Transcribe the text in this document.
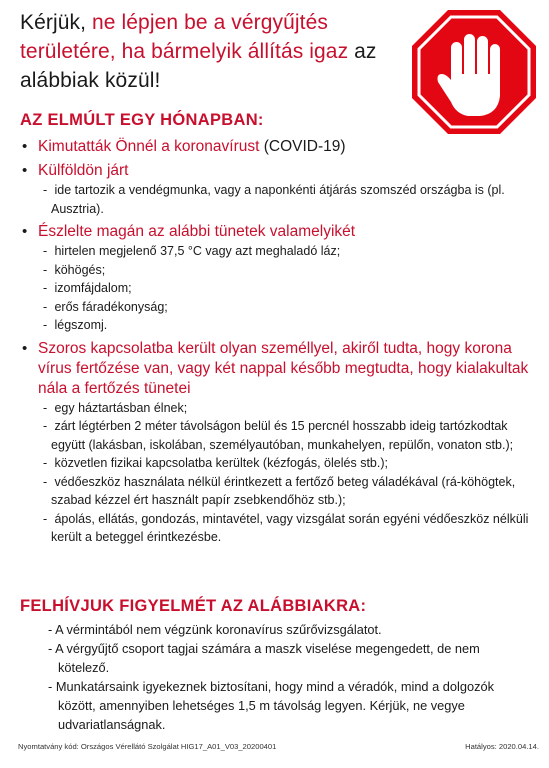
Kérjük, ne lépjen be a vérgyűjtés területére, ha bármelyik állítás igaz az alábbiak közül!
AZ ELMÚLT EGY HÓNAPBAN:
• Kimutatták Önnél a koronavírust (COVID-19)
• Külföldön járt
- ide tartozik a vendégmunka, vagy a naponkénti átjárás szomszéd országba is (pl. Ausztria).
• Észlelte magán az alábbi tünetek valamelyikét
- hirtelen megjelenő 37,5 °C vagy azt meghaladó láz;
- köhögés;
- izomfájdalom;
- erős fáradékonyság;
- légszomj.
• Szoros kapcsolatba került olyan személlyel, akiről tudta, hogy korona vírus fertőzése van, vagy két nappal később megtudta, hogy kialakultak nála a fertőzés tünetei
- egy háztartásban élnek;
- zárt légtérben 2 méter távolságon belül és 15 percnél hosszabb ideig tartózkodtak együtt (lakásban, iskolában, személyautóban, munkahelyen, repülőn, vonaton stb.);
- közvetlen fizikai kapcsolatba kerültek (kézfogás, ölelés stb.);
- védőeszköz használata nélkül érintkezett a fertőző beteg váladékával (rá-köhögtek, szabad kézzel ért használt papír zsebkendőhöz stb.);
- ápolás, ellátás, gondozás, mintavétel, vagy vizsgálat során egyéni védőeszköz nélküli került a beteggel érintkezésbe.
FELHÍVJUK FIGYELMÉT AZ ALÁBBIAKRA:
- A vérmintából nem végzünk koronavírus szűrővizsgálatot.
- A vérgyűjtő csoport tagjai számára a maszk viselése megengedett, de nem kötelező.
- Munkatársaink igyekeznek biztosítani, hogy mind a véradók, mind a dolgozók között, amennyiben lehetséges 1,5 m távolság legyen. Kérjük, ne vegye udvariatlanságnak.
Nyomtatvány kód: Országos Vérellátó Szolgálat HIG17_A01_V03_20200401	Hatályos: 2020.04.14.
